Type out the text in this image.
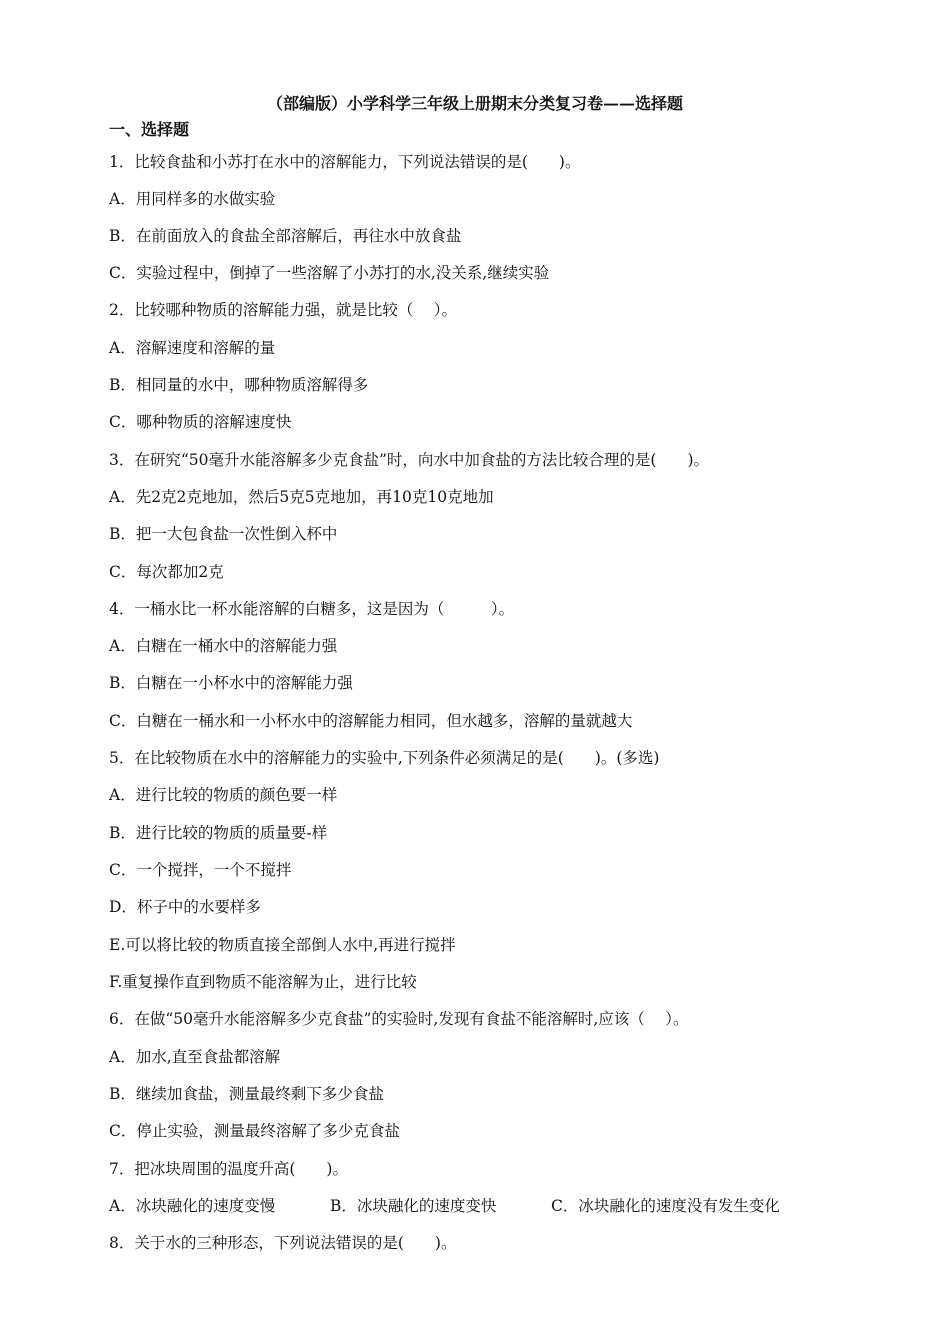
（部编版）小学科学三年级上册期末分类复习卷——选择题
一、选择题
1．比较食盐和小苏打在水中的溶解能力，下列说法错误的是(　　)。
A．用同样多的水做实验
B．在前面放入的食盐全部溶解后，再往水中放食盐
C．实验过程中，倒掉了一些溶解了小苏打的水,没关系,继续实验
2．比较哪种物质的溶解能力强，就是比较（　 ）。
A．溶解速度和溶解的量
B．相同量的水中，哪种物质溶解得多
C．哪种物质的溶解速度快
3．在研究“50毫升水能溶解多少克食盐”时，向水中加食盐的方法比较合理的是(　　)。
A．先2克2克地加，然后5克5克地加，再10克10克地加
B．把一大包食盐一次性倒入杯中
C．每次都加2克
4．一桶水比一杯水能溶解的白糖多，这是因为（　　　）。
A．白糖在一桶水中的溶解能力强
B．白糖在一小杯水中的溶解能力强
C．白糖在一桶水和一小杯水中的溶解能力相同，但水越多，溶解的量就越大
5．在比较物质在水中的溶解能力的实验中,下列条件必须满足的是(　　)。(多选)
A．进行比较的物质的颜色要一样
B．进行比较的物质的质量要-样
C．一个搅拌，一个不搅拌
D．杯子中的水要样多
E.可以将比较的物质直接全部倒人水中,再进行搅拌
F.重复操作直到物质不能溶解为止，进行比较
6．在做“50毫升水能溶解多少克食盐”的实验时,发现有食盐不能溶解时,应该（　 ）。
A．加水,直至食盐都溶解
B．继续加食盐，测量最终剩下多少食盐
C．停止实验，测量最终溶解了多少克食盐
7．把冰块周围的温度升高(　　)。

A．冰块融化的速度变慢

	B．冰块融化的速度变快

	C．冰块融化的速度没有发生变化

8．关于水的三种形态，下列说法错误的是(　　)。
